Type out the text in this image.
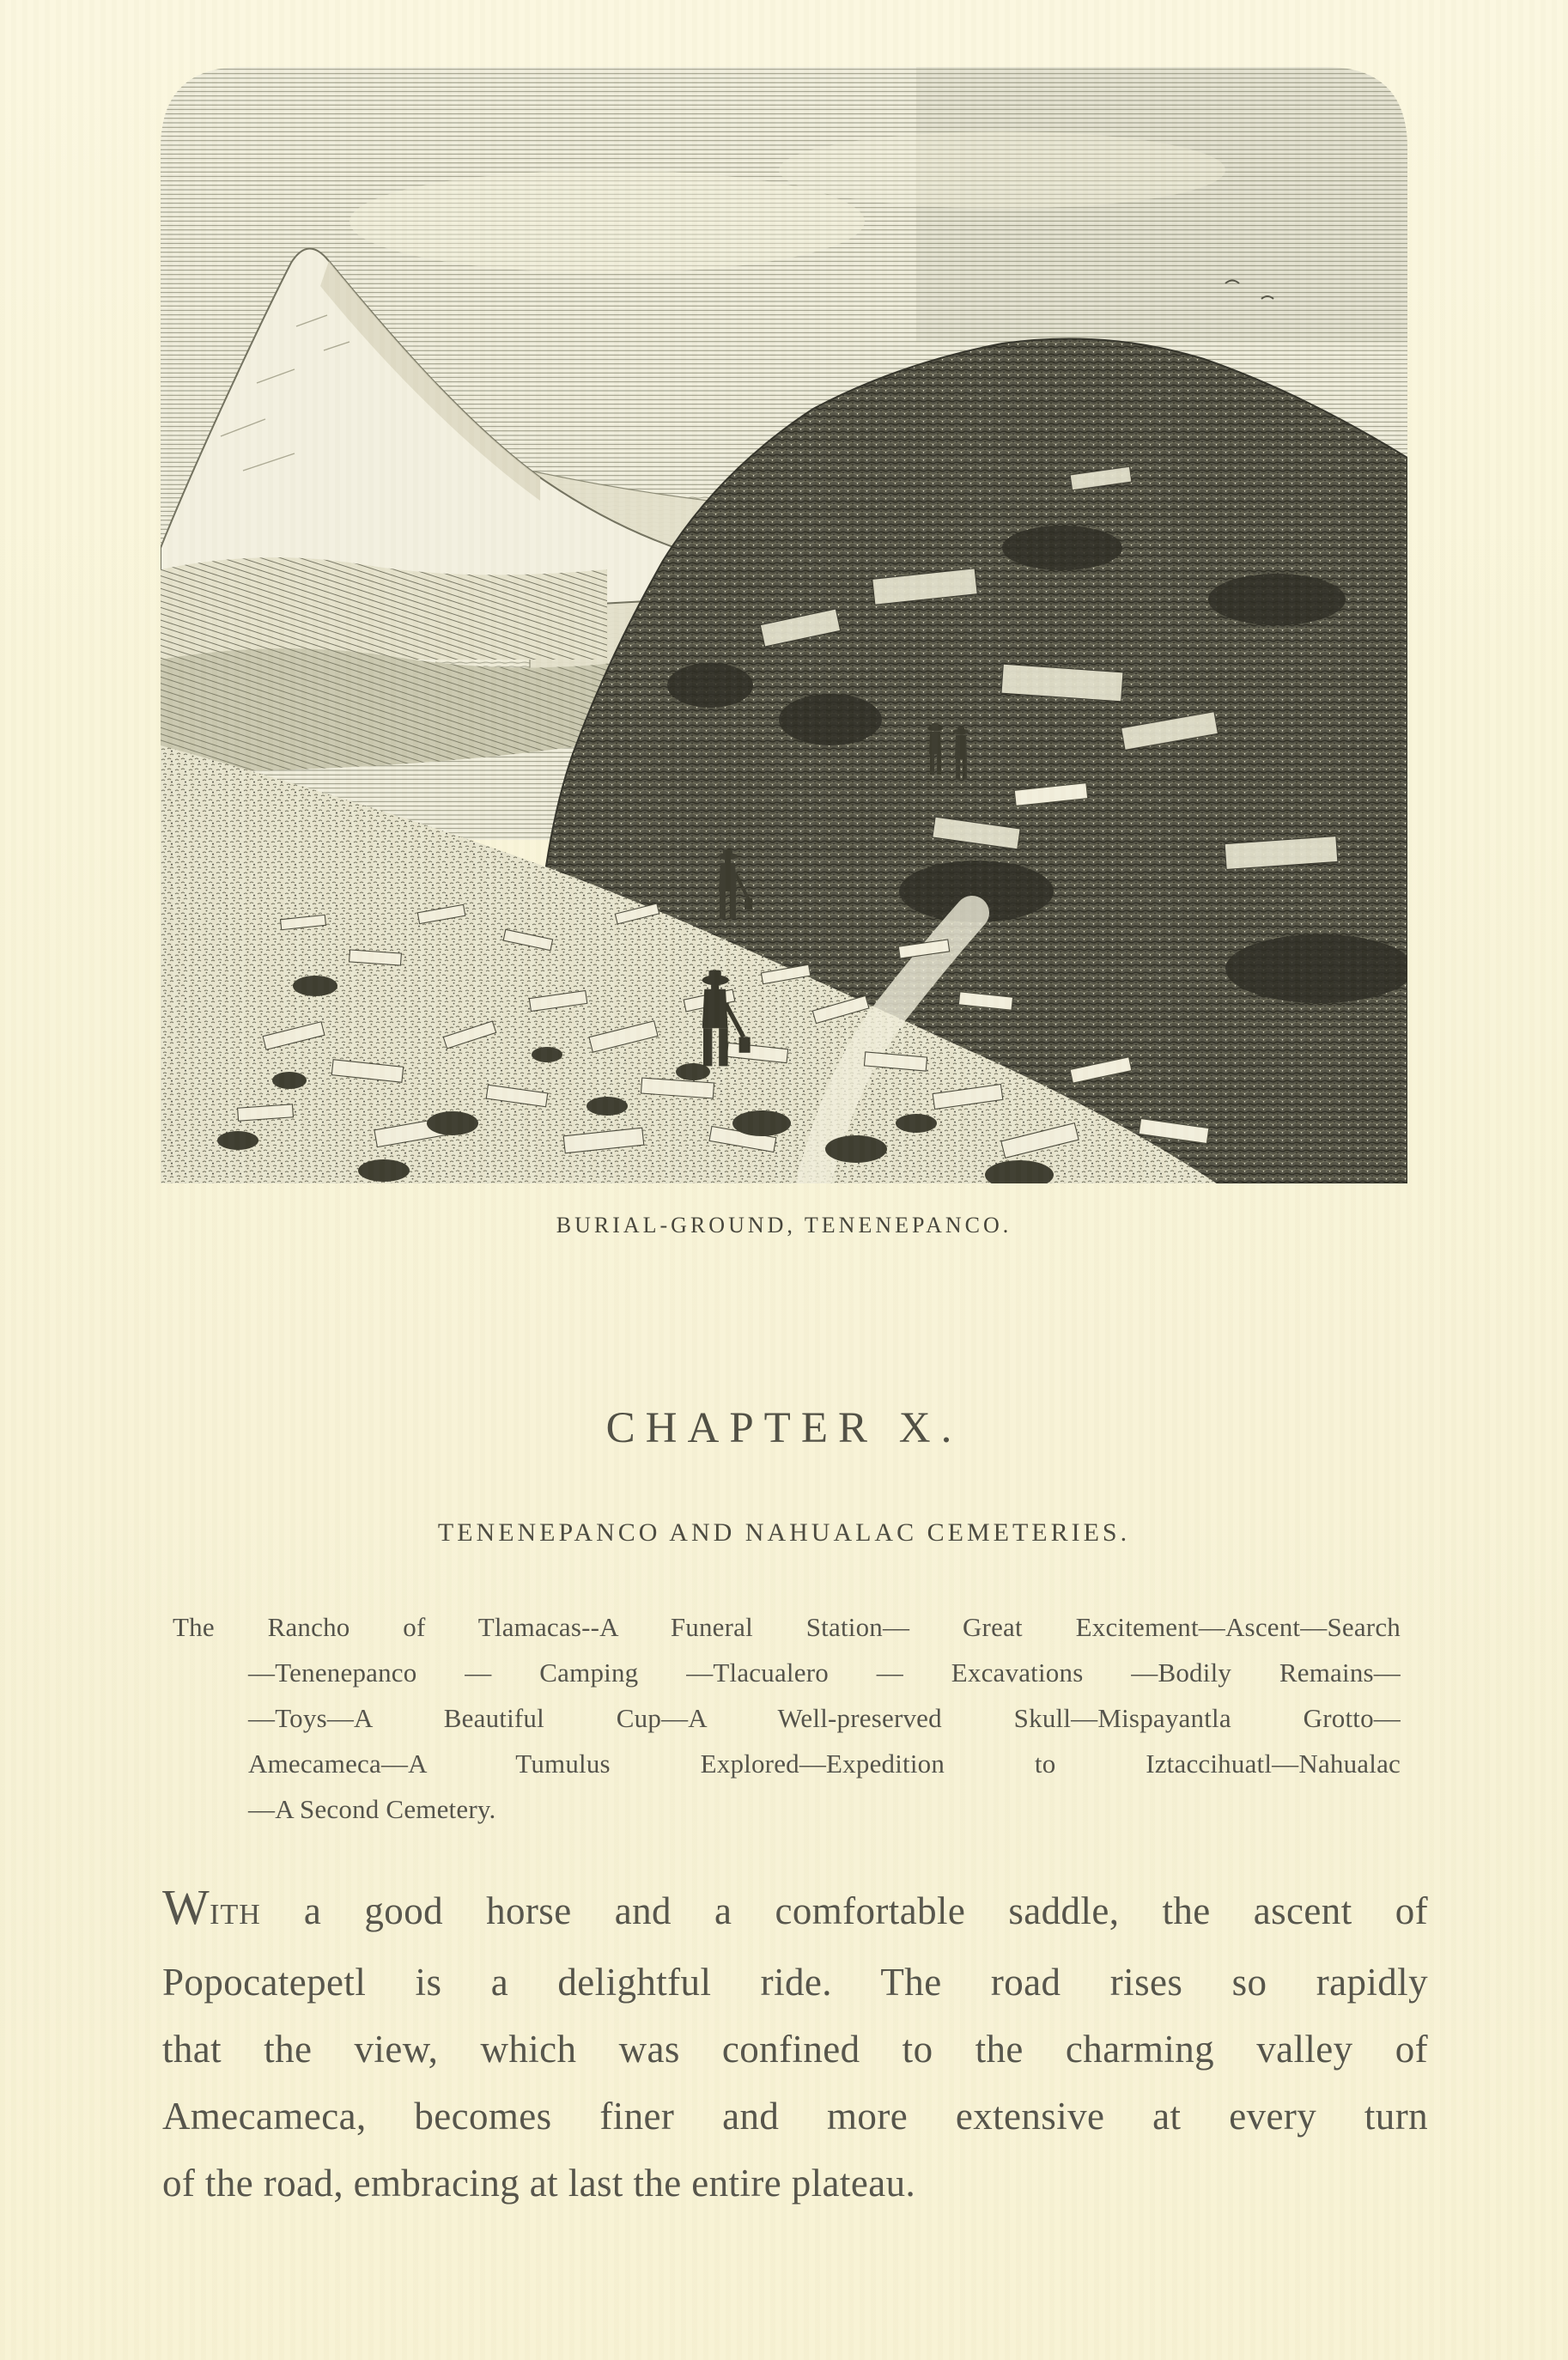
BURIAL-GROUND, TENENEPANCO.
CHAPTER X.
TENENEPANCO AND NAHUALAC CEMETERIES.
The Rancho of Tlamacas--A Funeral Station— Great Excitement—Ascent—Search
—Tenenepanco — Camping —Tlacualero — Excavations —Bodily Remains—
—Toys—A Beautiful Cup—A Well-preserved Skull—Mispayantla Grotto—
Amecameca—A Tumulus Explored—Expedition to Iztaccihuatl—Nahualac
—A Second Cemetery.
WITH a good horse and a comfortable saddle, the ascent of
Popocatepetl is a delightful ride. The road rises so rapidly
that the view, which was confined to the charming valley of
Amecameca, becomes finer and more extensive at every turn
of the road, embracing at last the entire plateau.
